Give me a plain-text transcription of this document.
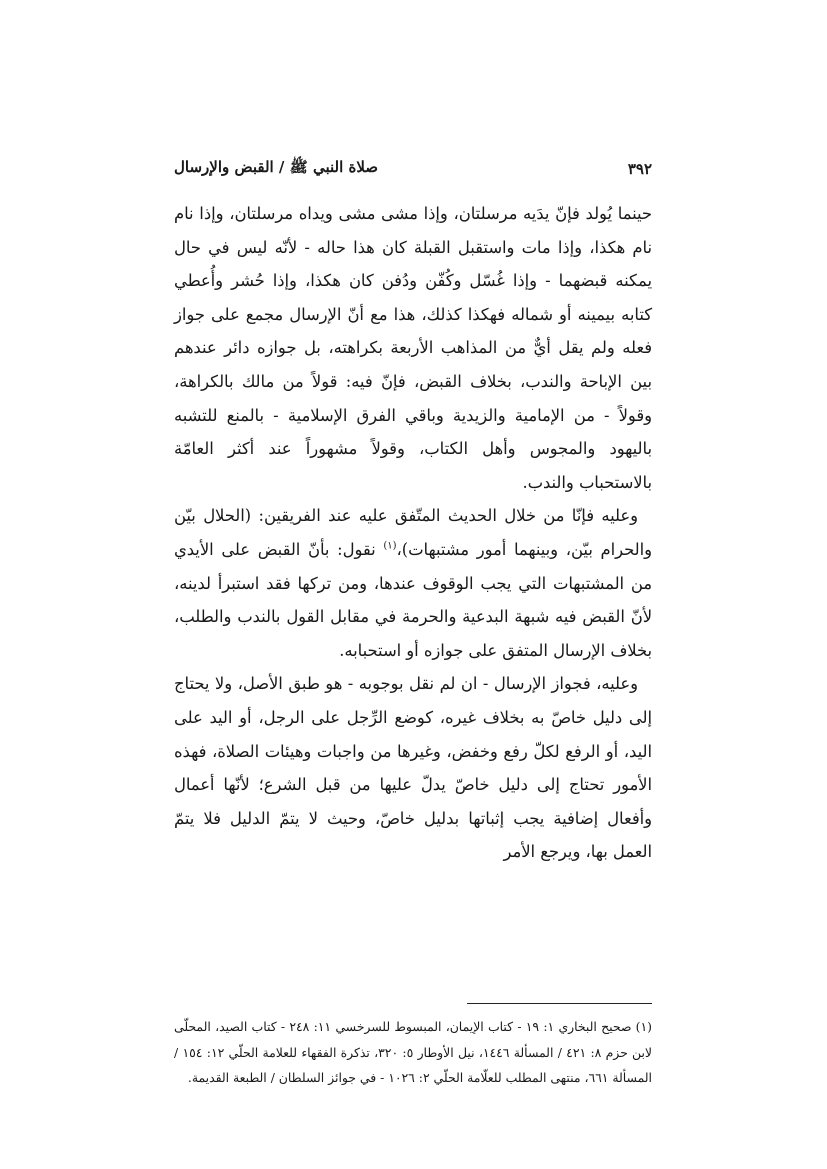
٣٩٢
صلاة النبي ﷺ / القبض والإرسال

حينما يُولد فإنّ يدَيه مرسلتان، وإذا مشى مشى ويداه مرسلتان، وإذا نام نام هكذا، وإذا مات واستقبل القبلة كان هذا حاله - لأنّه ليس في حال يمكنه قبضهما - وإذا غُسّل وكُفّن ودُفن كان هكذا، وإذا حُشر وأُعطي كتابه بيمينه أو شماله فهكذا كذلك، هذا مع أنّ الإرسال مجمع على جواز فعله ولم يقل أيٌّ من المذاهب الأربعة بكراهته، بل جوازه دائر عندهم بين الإباحة والندب، بخلاف القبض، فإنّ فيه: قولاً من مالك بالكراهة، وقولاً - من الإمامية والزيدية وباقي الفرق الإسلامية - بالمنع للتشبه باليهود والمجوس وأهل الكتاب، وقولاً مشهوراً عند أكثر العامّة بالاستحباب والندب.

وعليه فإنّا من خلال الحديث المتّفق عليه عند الفريقين: (الحلال بيّن والحرام بيّن، وبينهما أمور مشتبهات)،$^{(١)}$ نقول: بأنّ القبض على الأيدي من المشتبهات التي يجب الوقوف عندها، ومن تركها فقد استبرأ لدينه، لأنّ القبض فيه شبهة البدعية والحرمة في مقابل القول بالندب والطلب، بخلاف الإرسال المتفق على جوازه أو استحبابه.

وعليه، فجواز الإرسال - ان لم نقل بوجوبه - هو طبق الأصل، ولا يحتاج إلى دليل خاصّ به بخلاف غيره، كوضع الرِّجل على الرجل، أو اليد على اليد، أو الرفع لكلّ رفع وخفض، وغيرها من واجبات وهيئات الصلاة، فهذه الأمور تحتاج إلى دليل خاصّ يدلّ عليها من قبل الشرع؛ لأنّها أعمال وأفعال إضافية يجب إثباتها بدليل خاصّ، وحيث لا يتمّ الدليل فلا يتمّ العمل بها، ويرجع الأمر

(١) صحيح البخاري ١: ١٩ - كتاب الإيمان، المبسوط للسرخسي ١١: ٢٤٨ - كتاب الصيد، المحلّى لابن حزم ٨: ٤٢١ / المسألة ١٤٤٦، نيل الأوطار ٥: ٣٢٠، تذكرة الفقهاء للعلامة الحلّي ١٢: ١٥٤ / المسألة ٦٦١، منتهى المطلب للعلّامة الحلّي ٢: ١٠٢٦ - في جوائز السلطان / الطبعة القديمة.
